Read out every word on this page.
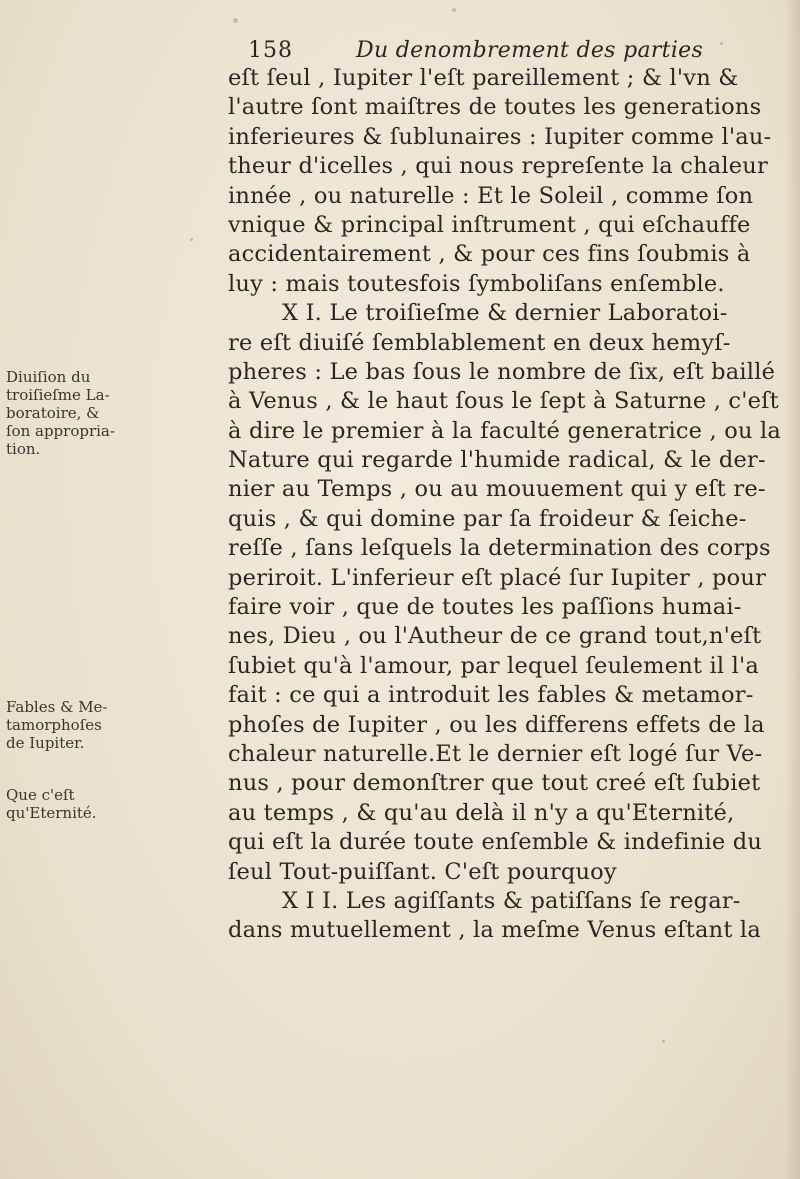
158	Du denombrement des parties
eſt ſeul , Iupiter l'eſt pareillement ; & l'vn &
l'autre ſont maiſtres de toutes les generations
inferieures & ſublunaires : Iupiter comme l'au-
theur d'icelles , qui nous repreſente la chaleur
innée , ou naturelle : Et le Soleil , comme ſon
vnique & principal inſtrument , qui eſchauffe
accidentairement , & pour ces fins ſoubmis à
luy : mais toutesfois ſymboliſans enſemble.
X I. Le troiſieſme & dernier Laboratoi-
re eſt diuiſé ſemblablement en deux hemyſ-
pheres : Le bas ſous le nombre de ſix, eſt baillé
à Venus , & le haut ſous le ſept à Saturne , c'eſt
à dire le premier à la faculté generatrice , ou la
Nature qui regarde l'humide radical, & le der-
nier au Temps , ou au mouuement qui y eſt re-
quis , & qui domine par ſa froideur & ſeiche-
reſſe , ſans leſquels la determination des corps
periroit. L'inferieur eſt placé ſur Iupiter , pour
faire voir , que de toutes les paſſions humai-
nes, Dieu , ou l'Autheur de ce grand tout,n'eſt
ſubiet qu'à l'amour, par lequel ſeulement il l'a
fait : ce qui a introduit les fables & metamor-
phoſes de Iupiter , ou les differens effets de la
chaleur naturelle.Et le dernier eſt logé ſur Ve-
nus , pour demonſtrer que tout creé eſt ſubiet
au temps , & qu'au delà il n'y a qu'Eternité,
qui eſt la durée toute enſemble & indefinie du
ſeul Tout-puiſſant. C'eſt pourquoy
X I I. Les agiſſants & patiſſans ſe regar-
dans mutuellement , la meſme Venus eſtant la
Diuiſion du
troiſieſme La-
boratoire, &
ſon appropria-
tion.
Fables & Me-
tamorphoſes
de Iupiter.
Que c'eſt
qu'Eternité.
